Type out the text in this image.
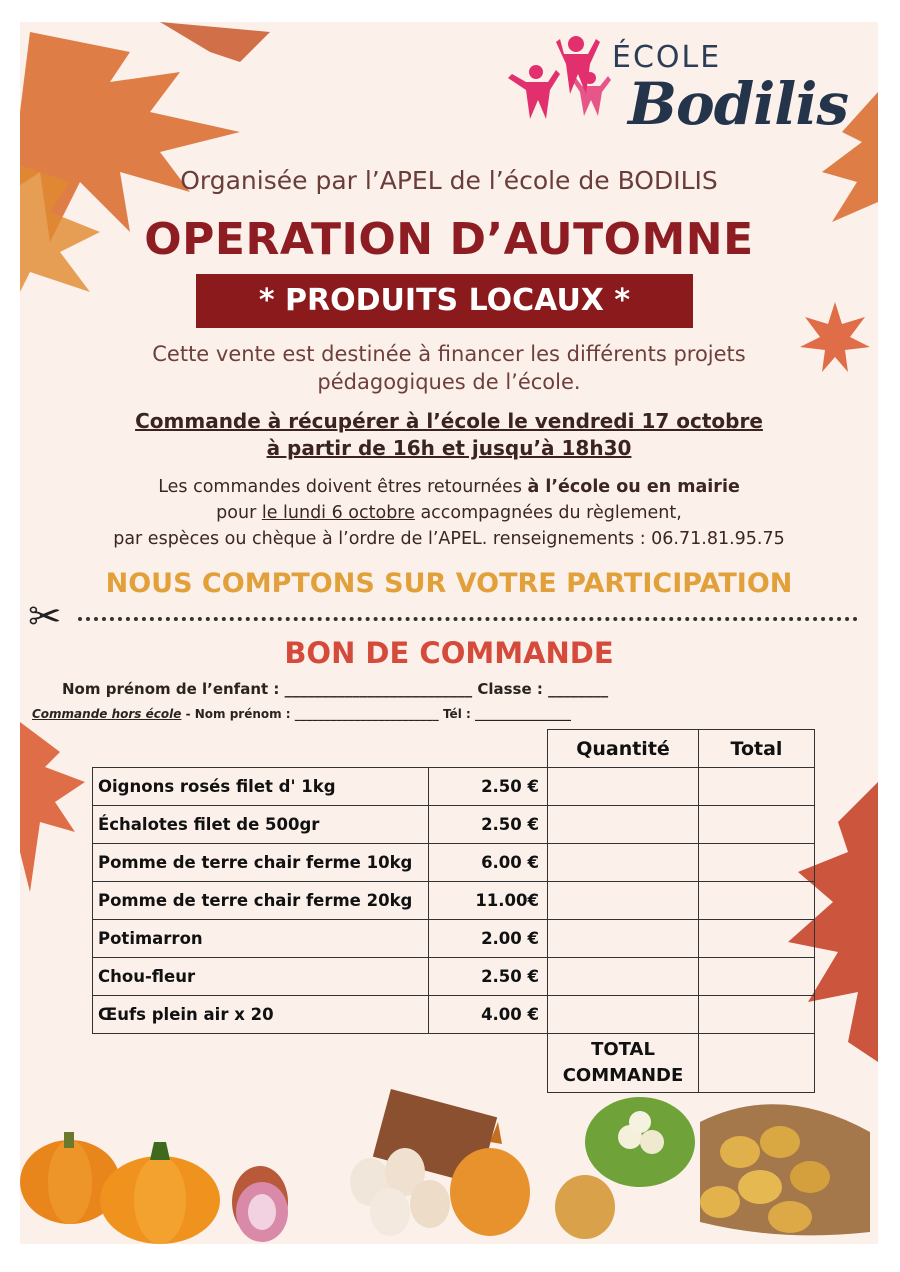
ÉCOLE
Bodilis
Organisée par l’APEL de l’école de BODILIS
OPERATION D’AUTOMNE
* PRODUITS LOCAUX *
Cette vente est destinée à financer les différents projets
pédagogiques de l’école.
Commande à récupérer à l’école le vendredi 17 octobre
à partir de 16h et jusqu’à 18h30
Les commandes doivent êtres retournées à l’école ou en mairie
pour le lundi 6 octobre accompagnées du règlement,
par espèces ou chèque à l’ordre de l’APEL. renseignements : 06.71.81.95.75
NOUS COMPTONS SUR VOTRE PARTICIPATION
✂
BON DE COMMANDE
Nom prénom de l’enfant : _________________________ Classe : ________
Commande hors école - Nom prénom : ________________________ Tél : ________________
		Quantité	Total
Oignons rosés filet d' 1kg	2.50 €		
Échalotes filet de 500gr	2.50 €		
Pomme de terre chair ferme 10kg	6.00 €		
Pomme de terre chair ferme 20kg	11.00€		
Potimarron	2.00 €		
Chou-fleur	2.50 €		
Œufs plein air x 20	4.00 €		

		TOTAL
COMMANDE	
